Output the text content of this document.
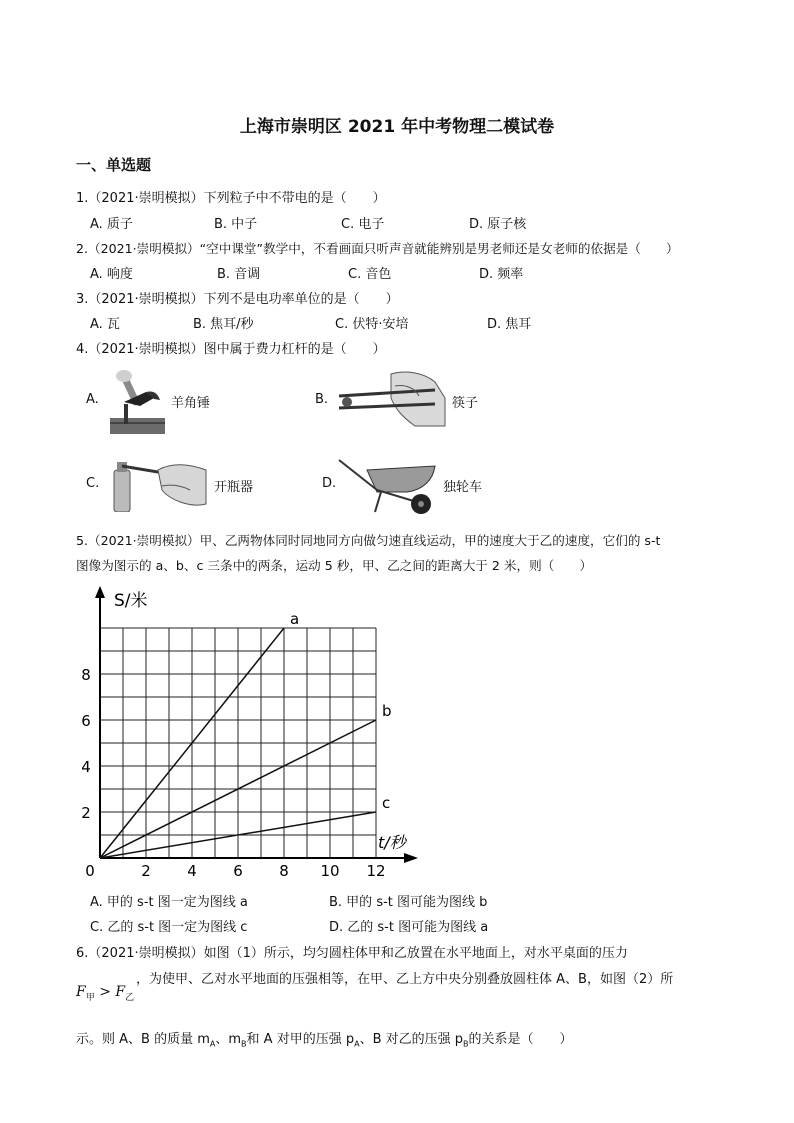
上海市崇明区 2021 年中考物理二模试卷
一、单选题
1.（2021·崇明模拟）下列粒子中不带电的是（　　）
A. 质子	B. 中子	C. 电子	D. 原子核
2.（2021·崇明模拟）“空中课堂”教学中，不看画面只听声音就能辨别是男老师还是女老师的依据是（　　）
A. 响度	B. 音调	C. 音色	D. 频率
3.（2021·崇明模拟）下列不是电功率单位的是（　　）
A. 瓦	B. 焦耳/秒	C. 伏特·安培	D. 焦耳
4.（2021·崇明模拟）图中属于费力杠杆的是（　　）
A.	羊角锤	B.	筷子
C.	开瓶器	D.	独轮车
5.（2021·崇明模拟）甲、乙两物体同时同地同方向做匀速直线运动，甲的速度大于乙的速度，它们的 s-t
图像为图示的 a、b、c 三条中的两条，运动 5 秒，甲、乙之间的距离大于 2 米，则（　　）
a
b
c
2 4 6 8 10 12
2
4
6
8
0
S/米
t/秒
A. 甲的 s-t 图一定为图线 a	B. 甲的 s-t 图可能为图线 b
C. 乙的 s-t 图一定为图线 c	D. 乙的 s-t 图可能为图线 a
6.（2021·崇明模拟）如图（1）所示，均匀圆柱体甲和乙放置在水平地面上，对水平桌面的压力
，为使甲、乙对水平地面的压强相等，在甲、乙上方中央分别叠放圆柱体 A、B，如图（2）所
$F_甲 > F_乙$
示。则 A、B 的质量 $m_A$、$m_B$和 A 对甲的压强 $p_A$、B 对乙的压强 $p_B$的关系是（　　）
